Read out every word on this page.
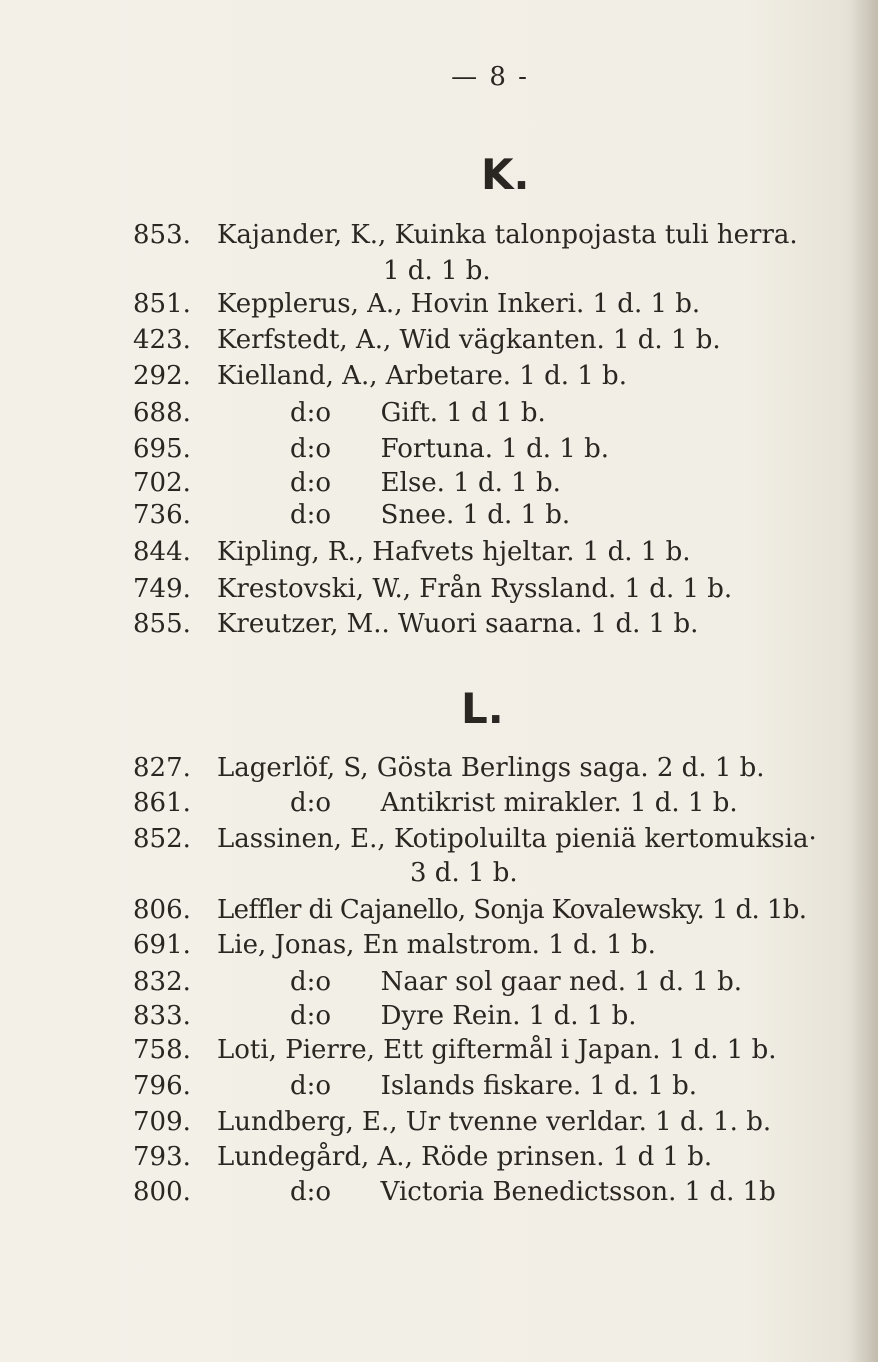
— 8 -
K.
853. Kajander, K., Kuinka talonpojasta tuli herra.
1 d. 1 b.
851. Kepplerus, A., Hovin Inkeri. 1 d. 1 b.
423. Kerfstedt, A., Wid vägkanten. 1 d. 1 b.
292. Kielland, A., Arbetare. 1 d. 1 b.
688.	d:o      Gift. 1 d 1 b.
695.	d:o      Fortuna. 1 d. 1 b.
702.	d:o      Else. 1 d. 1 b.
736.	d:o      Snee. 1 d. 1 b.
844. Kipling, R., Hafvets hjeltar. 1 d. 1 b.
749. Krestovski, W., Från Ryssland. 1 d. 1 b.
855. Kreutzer, M.. Wuori saarna. 1 d. 1 b.
L.
827. Lagerlöf, S, Gösta Berlings saga. 2 d. 1 b.
861.	d:o      Antikrist mirakler. 1 d. 1 b.
852. Lassinen, E., Kotipoluilta pieniä kertomuksia·
3 d. 1 b.
806. Leffler di Cajanello, Sonja Kovalewsky. 1 d. 1b.
691. Lie, Jonas, En malstrom. 1 d. 1 b.
832.	d:o      Naar sol gaar ned. 1 d. 1 b.
833.	d:o      Dyre Rein. 1 d. 1 b.
758. Loti, Pierre, Ett giftermål i Japan. 1 d. 1 b.
796.	d:o      Islands fiskare. 1 d. 1 b.
709. Lundberg, E., Ur tvenne verldar. 1 d. 1. b.
793. Lundegård, A., Röde prinsen. 1 d 1 b.
800.	d:o      Victoria Benedictsson. 1 d. 1b
